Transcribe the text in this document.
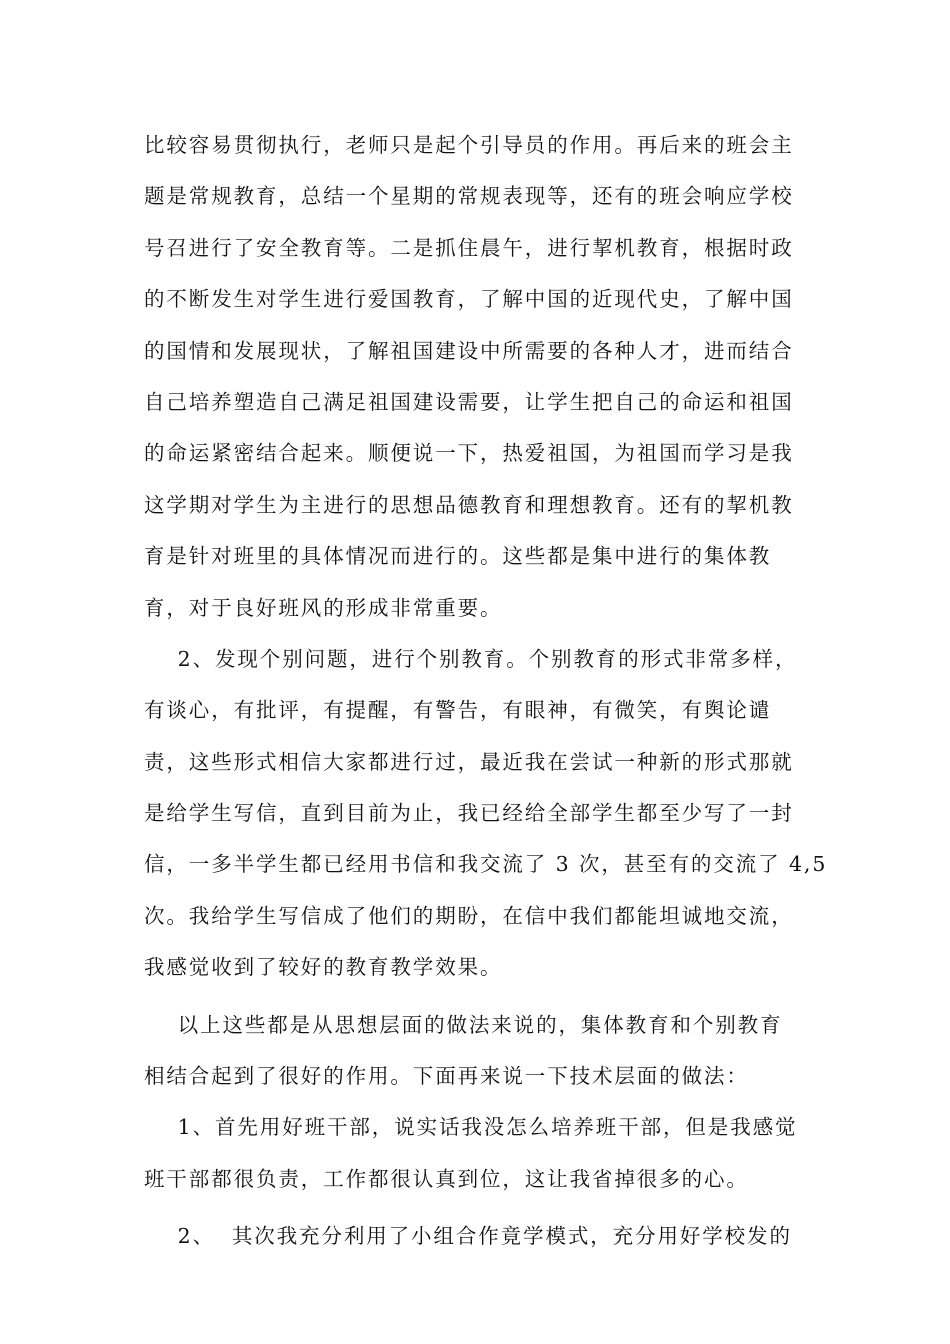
比较容易贯彻执行，老师只是起个引导员的作用。再后来的班会主
题是常规教育，总结一个星期的常规表现等，还有的班会响应学校
号召进行了安全教育等。二是抓住晨午，进行挈机教育，根据时政
的不断发生对学生进行爱国教育，了解中国的近现代史，了解中国
的国情和发展现状，了解祖国建设中所需要的各种人才，进而结合
自己培养塑造自己满足祖国建设需要，让学生把自己的命运和祖国
的命运紧密结合起来。顺便说一下，热爱祖国，为祖国而学习是我
这学期对学生为主进行的思想品德教育和理想教育。还有的挈机教
育是针对班里的具体情况而进行的。这些都是集中进行的集体教
育，对于良好班风的形成非常重要。
2、发现个别问题，进行个别教育。个别教育的形式非常多样，
有谈心，有批评，有提醒，有警告，有眼神，有微笑，有舆论谴
责，这些形式相信大家都进行过，最近我在尝试一种新的形式那就
是给学生写信，直到目前为止，我已经给全部学生都至少写了一封
信，一多半学生都已经用书信和我交流了 3 次，甚至有的交流了 4,5
次。我给学生写信成了他们的期盼，在信中我们都能坦诚地交流，
我感觉收到了较好的教育教学效果。
以上这些都是从思想层面的做法来说的，集体教育和个别教育
相结合起到了很好的作用。下面再来说一下技术层面的做法：
1、首先用好班干部，说实话我没怎么培养班干部，但是我感觉
班干部都很负责，工作都很认真到位，这让我省掉很多的心。
2、  其次我充分利用了小组合作竟学模式，充分用好学校发的
